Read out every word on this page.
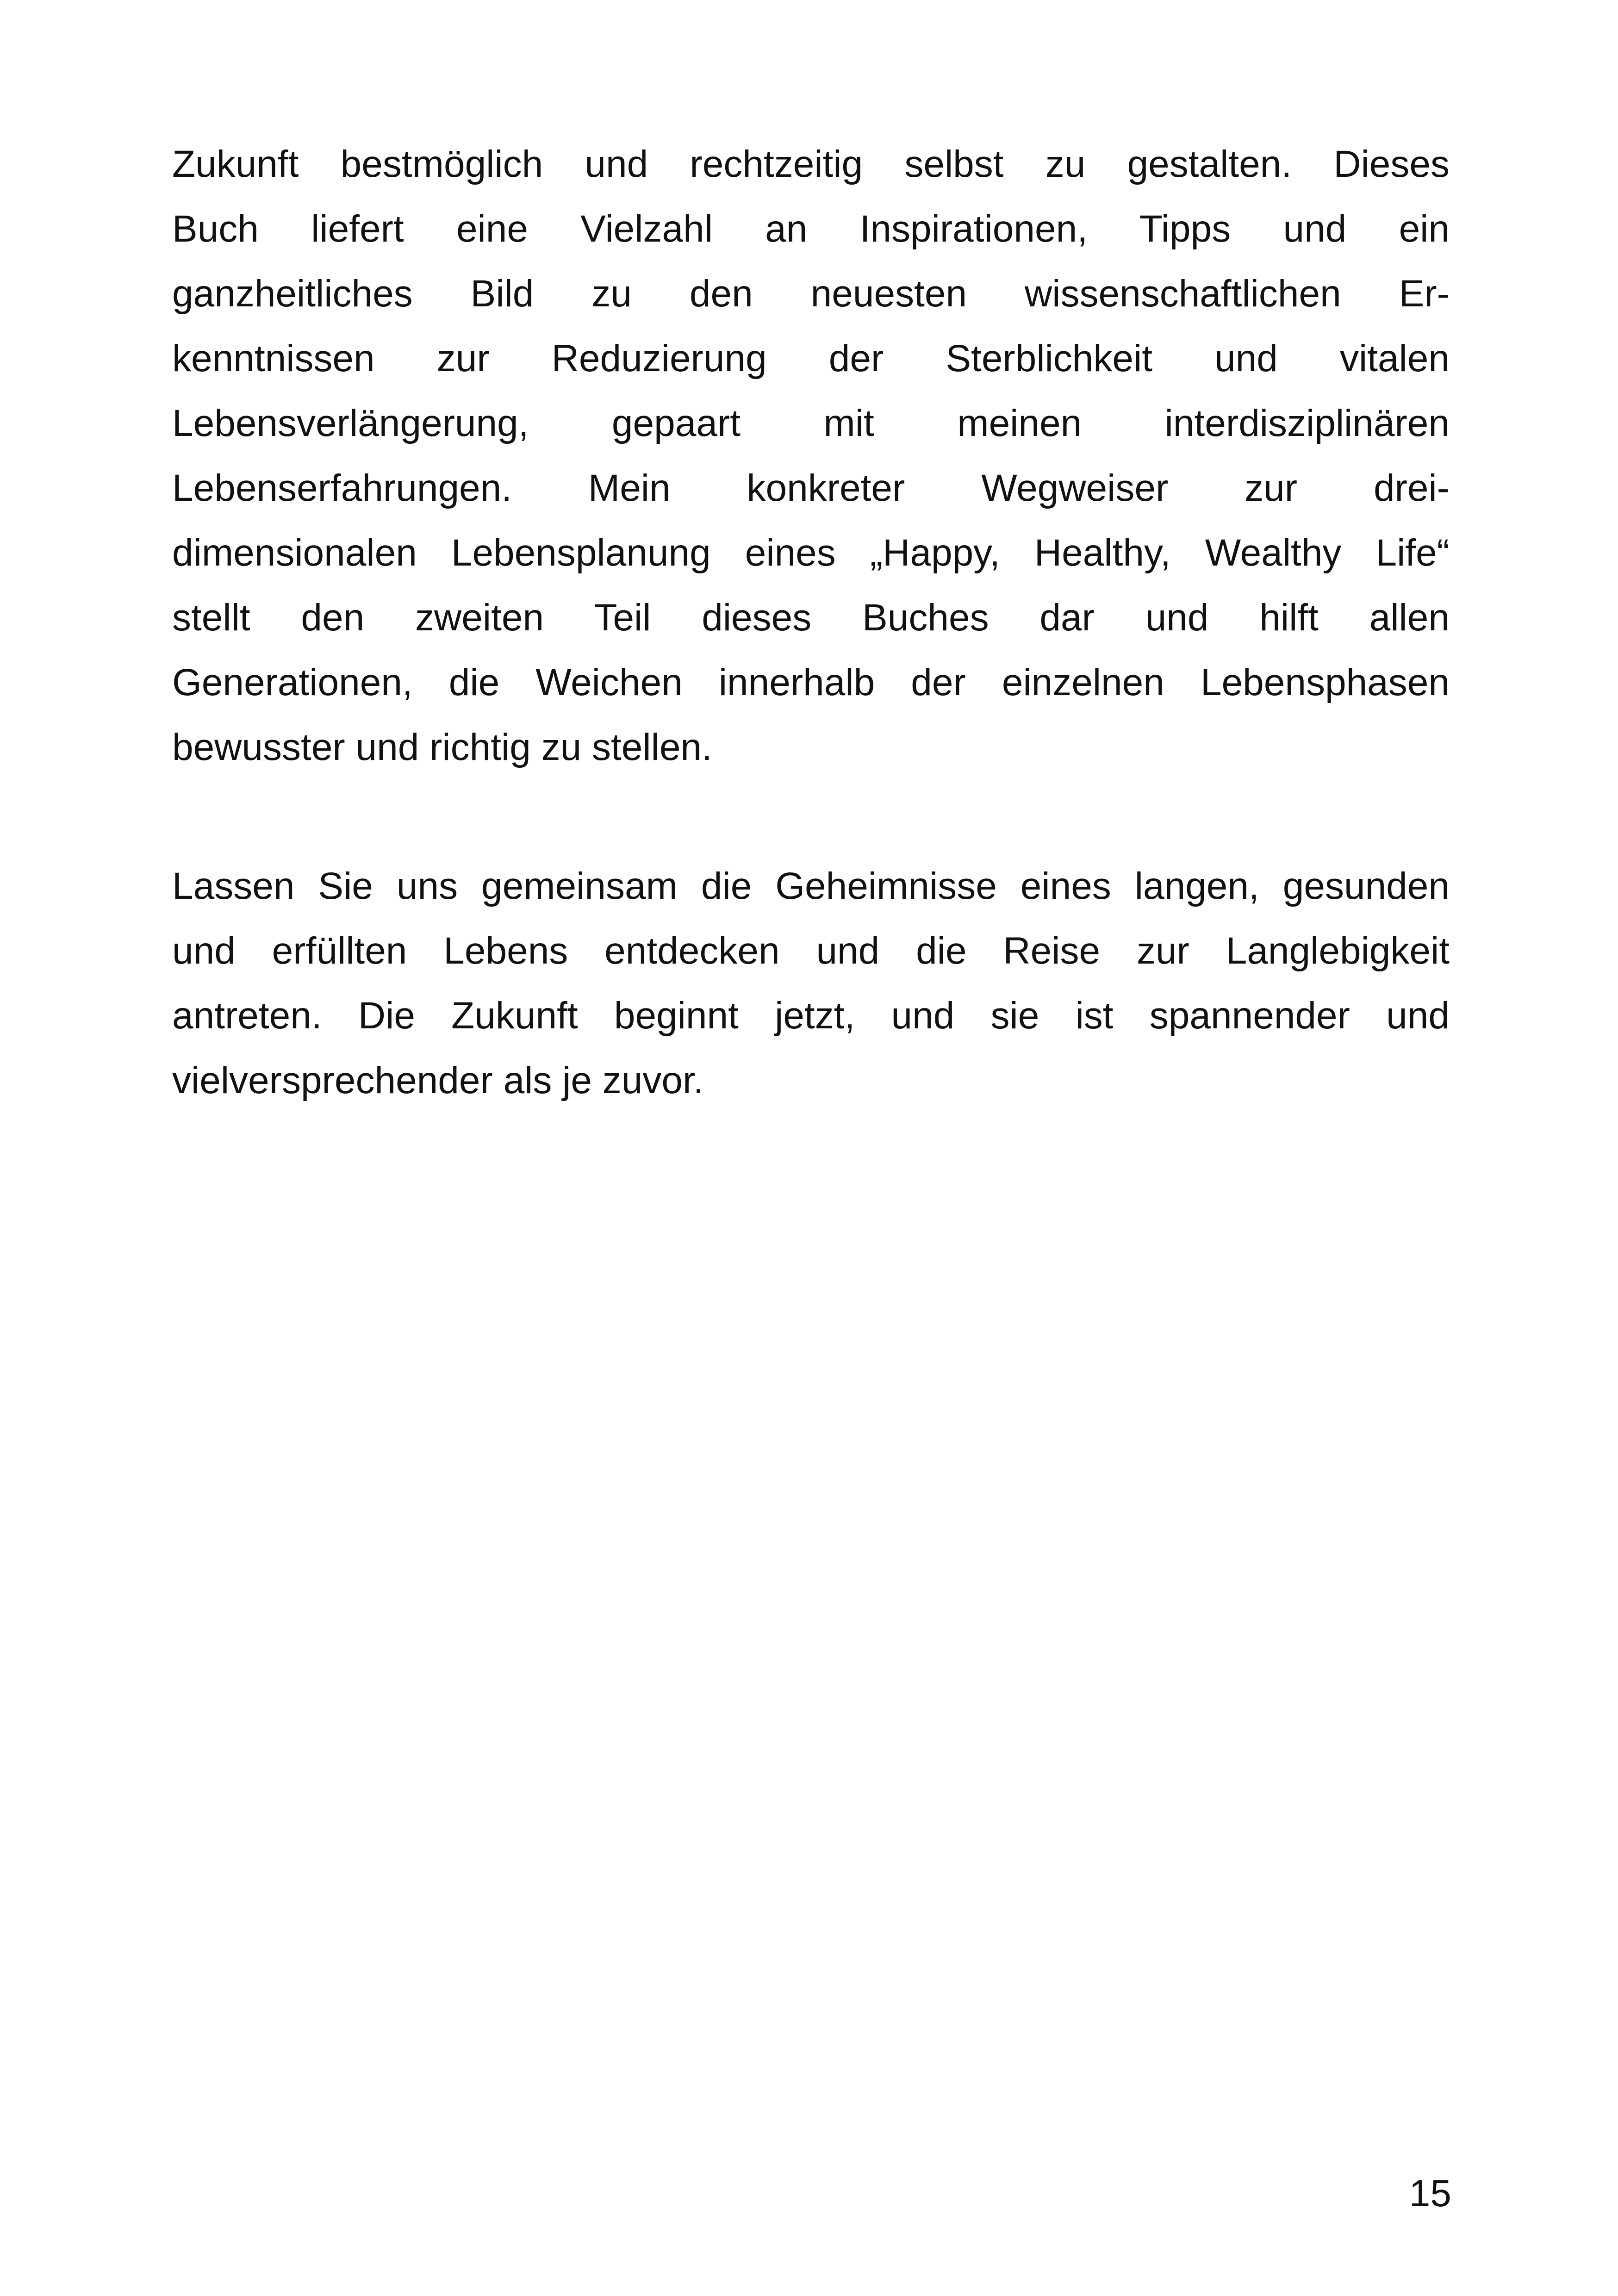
Zukunft bestmöglich und rechtzeitig selbst zu gestalten. Dieses
Buch liefert eine Vielzahl an Inspirationen, Tipps und ein
ganzheitliches Bild zu den neuesten wissenschaftlichen Er-
kenntnissen zur Reduzierung der Sterblichkeit und vitalen
Lebensverlängerung, gepaart mit meinen interdisziplinären
Lebenserfahrungen. Mein konkreter Wegweiser zur drei-
dimensionalen Lebensplanung eines „Happy, Healthy, Wealthy Life“
stellt den zweiten Teil dieses Buches dar und hilft allen
Generationen, die Weichen innerhalb der einzelnen Lebensphasen
bewusster und richtig zu stellen.
Lassen Sie uns gemeinsam die Geheimnisse eines langen, gesunden
und erfüllten Lebens entdecken und die Reise zur Langlebigkeit
antreten. Die Zukunft beginnt jetzt, und sie ist spannender und
vielversprechender als je zuvor.
15
